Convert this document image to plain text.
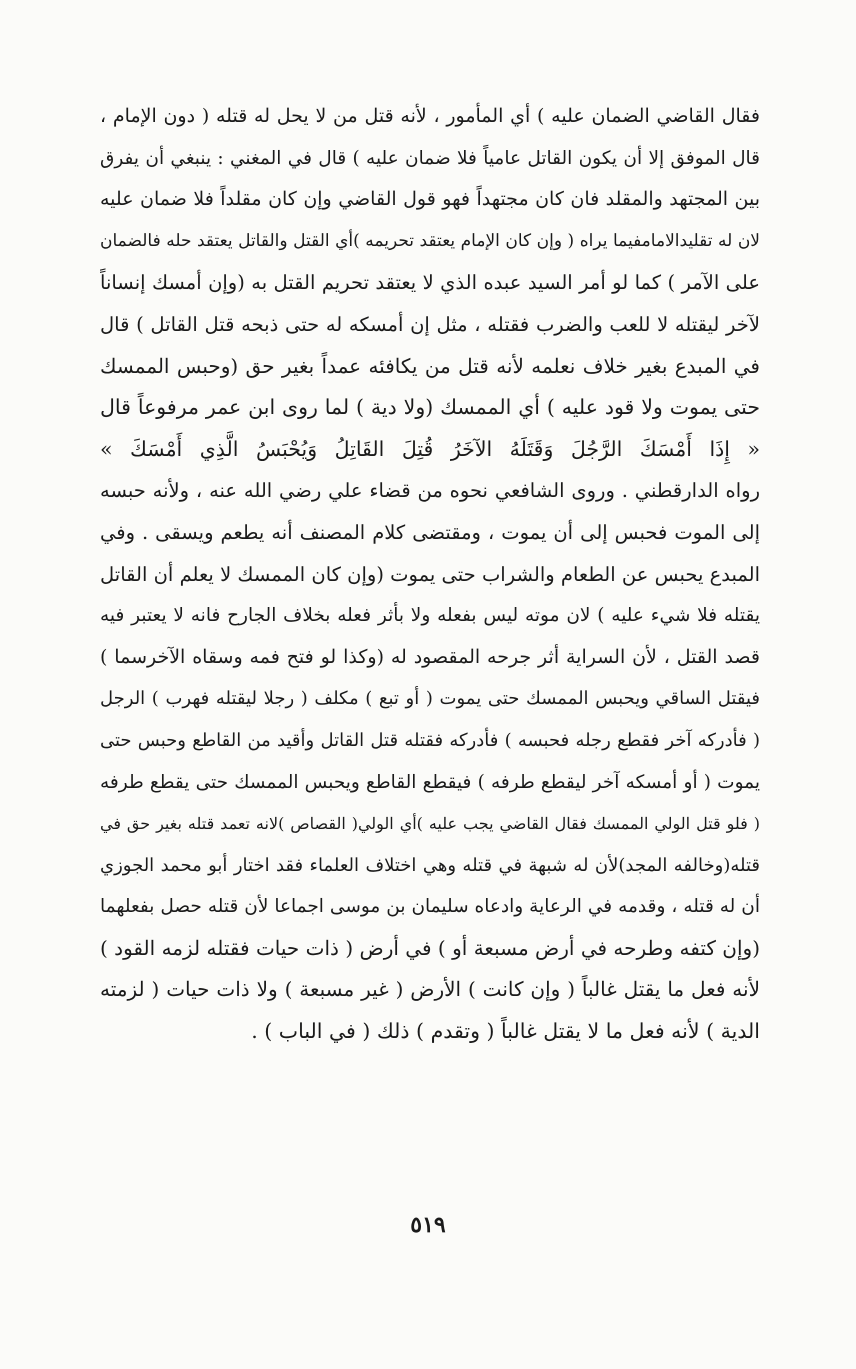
فقال القاضي الضمان عليه ) أي المأمور ، لأنه قتل من لا يحل له قتله ( دون الإمام ،
قال الموفق إلا أن يكون القاتل عامياً فلا ضمان عليه ) قال في المغني : ينبغي أن يفرق
بين المجتهد والمقلد فان كان مجتهداً فهو قول القاضي وإن كان مقلداً فلا ضمان عليه
لان له تقليدالامامفيما يراه ( وإن كان الإمام يعتقد تحريمه )أي القتل والقاتل يعتقد حله فالضمان
على الآمر ) كما لو أمر السيد عبده الذي لا يعتقد تحريم القتل به (وإن أمسك إنساناً
لآخر ليقتله لا للعب والضرب فقتله ، مثل إن أمسكه له حتى ذبحه قتل القاتل ) قال
في المبدع بغير خلاف نعلمه لأنه قتل من يكافئه عمداً بغير حق (وحبس الممسك
حتى يموت ولا قود عليه ) أي الممسك (ولا دية ) لما روى ابن عمر مرفوعاً قال
« إِذَا أَمْسَكَ الرَّجُلَ وَقَتَلَهُ الآخَرُ قُتِلَ القَاتِلُ وَيُحْبَسُ الَّذِي أَمْسَكَ »
رواه الدارقطني . وروى الشافعي نحوه من قضاء علي رضي الله عنه ، ولأنه حبسه
إلى الموت فحبس إلى أن يموت ، ومقتضى كلام المصنف أنه يطعم ويسقى . وفي
المبدع يحبس عن الطعام والشراب حتى يموت (وإن كان الممسك لا يعلم أن القاتل
يقتله فلا شيء عليه ) لان موته ليس بفعله ولا بأثر فعله بخلاف الجارح فانه لا يعتبر فيه
قصد القتل ، لأن السراية أثر جرحه المقصود له (وكذا لو فتح فمه وسقاه الآخرسما )
فيقتل الساقي ويحبس الممسك حتى يموت ( أو تبع ) مكلف ( رجلا ليقتله فهرب ) الرجل
( فأدركه آخر فقطع رجله فحبسه ) فأدركه فقتله قتل القاتل وأقيد من القاطع وحبس حتى
يموت ( أو أمسكه آخر ليقطع طرفه ) فيقطع القاطع ويحبس الممسك حتى يقطع طرفه
( فلو قتل الولي الممسك فقال القاضي يجب عليه )أي الولي( القصاص )لانه تعمد قتله بغير حق في
قتله(وخالفه المجد)لأن له شبهة في قتله وهي اختلاف العلماء فقد اختار أبو محمد الجوزي
أن له قتله ، وقدمه في الرعاية وادعاه سليمان بن موسى اجماعا لأن قتله حصل بفعلهما
(وإن كتفه وطرحه في أرض مسبعة أو ) في أرض ( ذات حيات فقتله لزمه القود )
لأنه فعل ما يقتل غالباً ( وإن كانت ) الأرض ( غير مسبعة ) ولا ذات حيات ( لزمته
الدية ) لأنه فعل ما لا يقتل غالباً ( وتقدم ) ذلك ( في الباب ) .
٥١٩
